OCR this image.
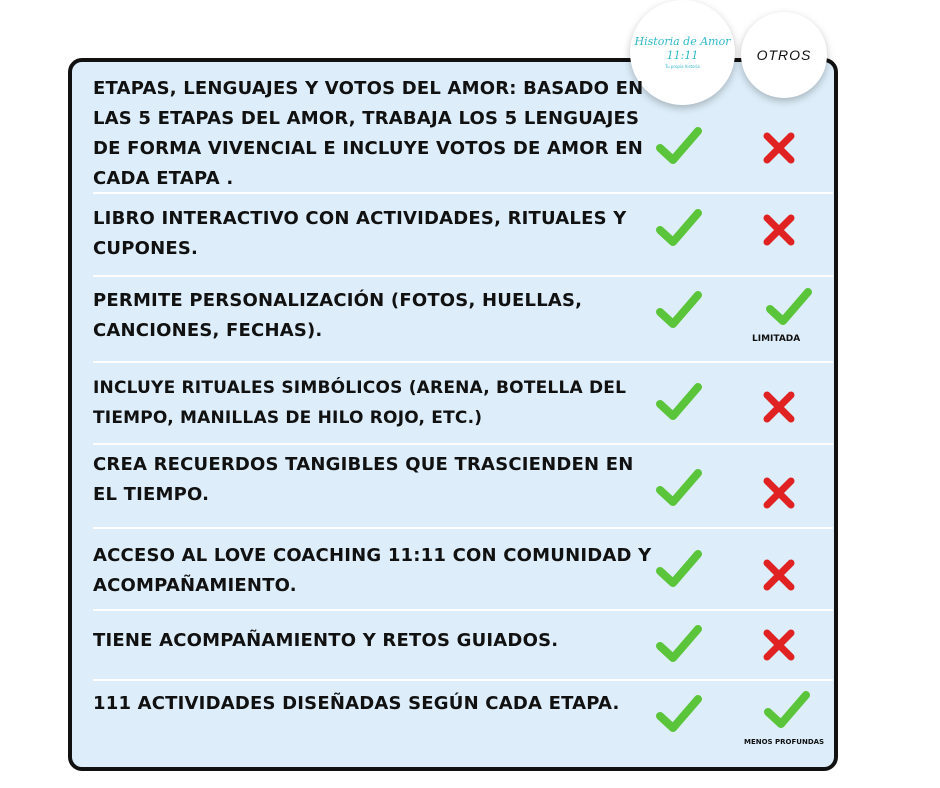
Historia de Amor
11:11
Tu propia historia
OTROS
ETAPAS, LENGUAJES Y VOTOS DEL AMOR: BASADO EN LAS 5 ETAPAS DEL AMOR, TRABAJA LOS 5 LENGUAJES DE FORMA VIVENCIAL E INCLUYE VOTOS DE AMOR EN CADA ETAPA .
LIBRO INTERACTIVO CON ACTIVIDADES, RITUALES Y CUPONES.
PERMITE PERSONALIZACIÓN (FOTOS, HUELLAS, CANCIONES, FECHAS).
INCLUYE RITUALES SIMBÓLICOS (ARENA, BOTELLA DEL TIEMPO, MANILLAS DE HILO ROJO, ETC.)
CREA RECUERDOS TANGIBLES QUE TRASCIENDEN EN EL TIEMPO.
ACCESO AL LOVE COACHING 11:11 CON COMUNIDAD Y ACOMPAÑAMIENTO.
TIENE ACOMPAÑAMIENTO Y RETOS GUIADOS.
111 ACTIVIDADES DISEÑADAS SEGÚN CADA ETAPA.
LIMITADA
MENOS PROFUNDAS
